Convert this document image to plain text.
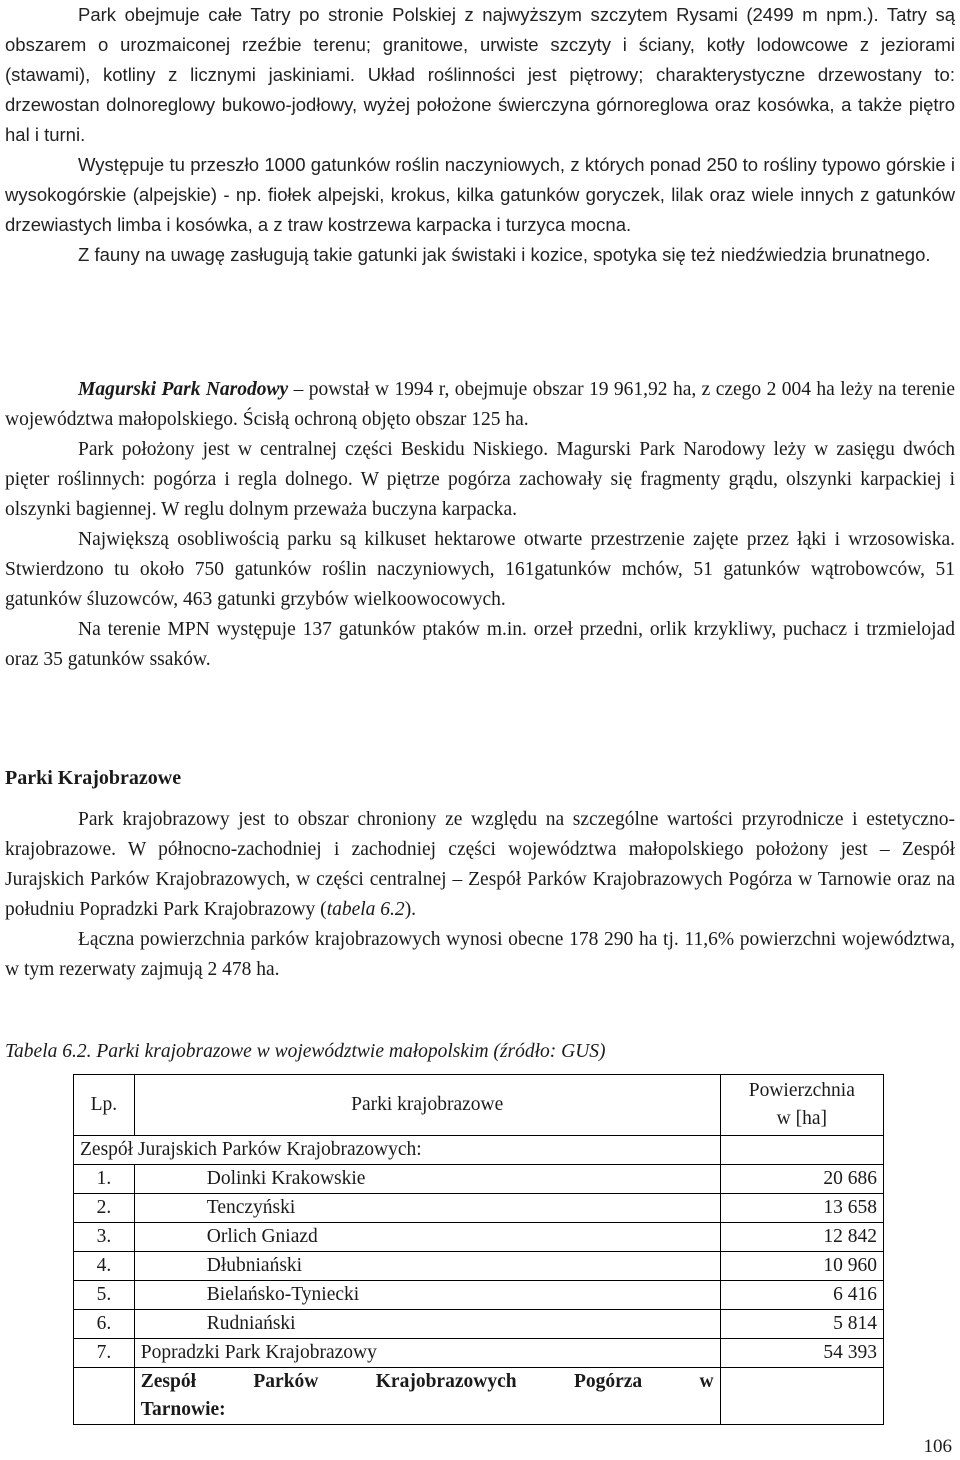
Park obejmuje całe Tatry po stronie Polskiej z najwyższym szczytem Rysami (2499 m npm.). Tatry są obszarem o urozmaiconej rzeźbie terenu; granitowe, urwiste szczyty i ściany, kotły lodowcowe z jeziorami (stawami), kotliny z licznymi jaskiniami. Układ roślinności jest piętrowy; charakterystyczne drzewostany to: drzewostan dolnoreglowy bukowo-jodłowy, wyżej położone świerczyna górnoreglowa oraz kosówka, a także piętro hal i turni.

Występuje tu przeszło 1000 gatunków roślin naczyniowych, z których ponad 250 to rośliny typowo górskie i wysokogórskie (alpejskie) - np. fiołek alpejski, krokus, kilka gatunków goryczek, lilak oraz wiele innych z gatunków drzewiastych limba i kosówka, a z traw kostrzewa karpacka i turzyca mocna.

Z fauny na uwagę zasługują takie gatunki jak świstaki i kozice, spotyka się też niedźwiedzia brunatnego.

Magurski Park Narodowy – powstał w 1994 r, obejmuje obszar 19 961,92 ha, z czego 2 004 ha leży na terenie województwa małopolskiego. Ścisłą ochroną objęto obszar 125 ha.

Park położony jest w centralnej części Beskidu Niskiego. Magurski Park Narodowy leży w zasięgu dwóch pięter roślinnych: pogórza i regla dolnego. W piętrze pogórza zachowały się fragmenty grądu, olszynki karpackiej i olszynki bagiennej. W reglu dolnym przeważa buczyna karpacka.

Największą osobliwością parku są kilkuset hektarowe otwarte przestrzenie zajęte przez łąki i wrzosowiska. Stwierdzono tu około 750 gatunków roślin naczyniowych, 161gatunków mchów, 51 gatunków wątrobowców, 51 gatunków śluzowców, 463 gatunki grzybów wielkoowocowych.

Na terenie MPN występuje 137 gatunków ptaków m.in. orzeł przedni, orlik krzykliwy, puchacz i trzmielojad oraz 35 gatunków ssaków.

Parki Krajobrazowe

Park krajobrazowy jest to obszar chroniony ze względu na szczególne wartości przyrodnicze i estetyczno-krajobrazowe. W północno-zachodniej i zachodniej części województwa małopolskiego położony jest – Zespół Jurajskich Parków Krajobrazowych, w części centralnej – Zespół Parków Krajobrazowych Pogórza w Tarnowie oraz na południu Popradzki Park Krajobrazowy (tabela 6.2).

Łączna powierzchnia parków krajobrazowych wynosi obecne 178 290 ha tj. 11,6% powierzchni województwa, w tym rezerwaty zajmują 2 478 ha.

Tabela 6.2. Parki krajobrazowe w województwie małopolskim (źródło: GUS)
Lp.	Parki krajobrazowe	Powierzchnia
w [ha]
Zespół Jurajskich Parków Krajobrazowych:		
1.	Dolinki Krakowskie	20 686
2.	Tenczyński	13 658
3.	Orlich Gniazd	12 842
4.	Dłubniański	10 960
5.	Bielańsko-Tyniecki	6 416
6.	Rudniański	5 814
7.	Popradzki Park Krajobrazowy	54 393

	Zespół Parków Krajobrazowych Pogórza w
Tarnowie:	

106
